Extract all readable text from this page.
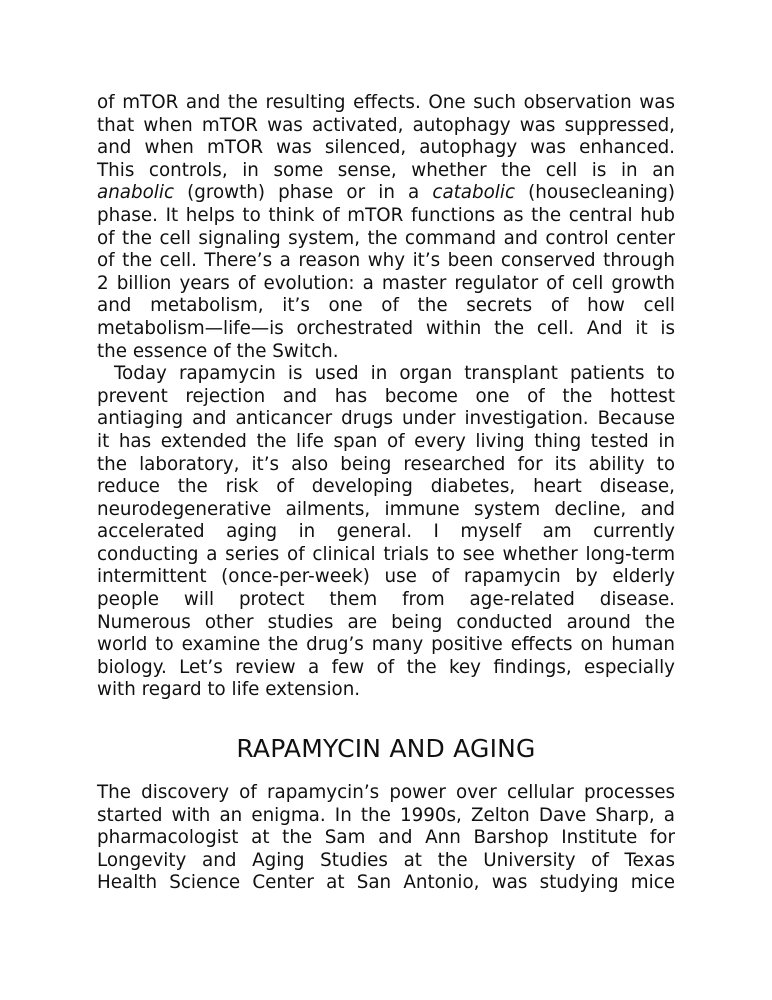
of mTOR and the resulting effects. One such observation was
that when mTOR was activated, autophagy was suppressed,
and when mTOR was silenced, autophagy was enhanced.
This controls, in some sense, whether the cell is in an
anabolic (growth) phase or in a catabolic (housecleaning)
phase. It helps to think of mTOR functions as the central hub
of the cell signaling system, the command and control center
of the cell. There’s a reason why it’s been conserved through
2 billion years of evolution: a master regulator of cell growth
and metabolism, it’s one of the secrets of how cell
metabolism—life—is orchestrated within the cell. And it is
the essence of the Switch.
Today rapamycin is used in organ transplant patients to
prevent rejection and has become one of the hottest
antiaging and anticancer drugs under investigation. Because
it has extended the life span of every living thing tested in
the laboratory, it’s also being researched for its ability to
reduce the risk of developing diabetes, heart disease,
neurodegenerative ailments, immune system decline, and
accelerated aging in general. I myself am currently
conducting a series of clinical trials to see whether long-term
intermittent (once-per-week) use of rapamycin by elderly
people will protect them from age-related disease.
Numerous other studies are being conducted around the
world to examine the drug’s many positive effects on human
biology. Let’s review a few of the key findings, especially
with regard to life extension.
RAPAMYCIN AND AGING
The discovery of rapamycin’s power over cellular processes
started with an enigma. In the 1990s, Zelton Dave Sharp, a
pharmacologist at the Sam and Ann Barshop Institute for
Longevity and Aging Studies at the University of Texas
Health Science Center at San Antonio, was studying mice
